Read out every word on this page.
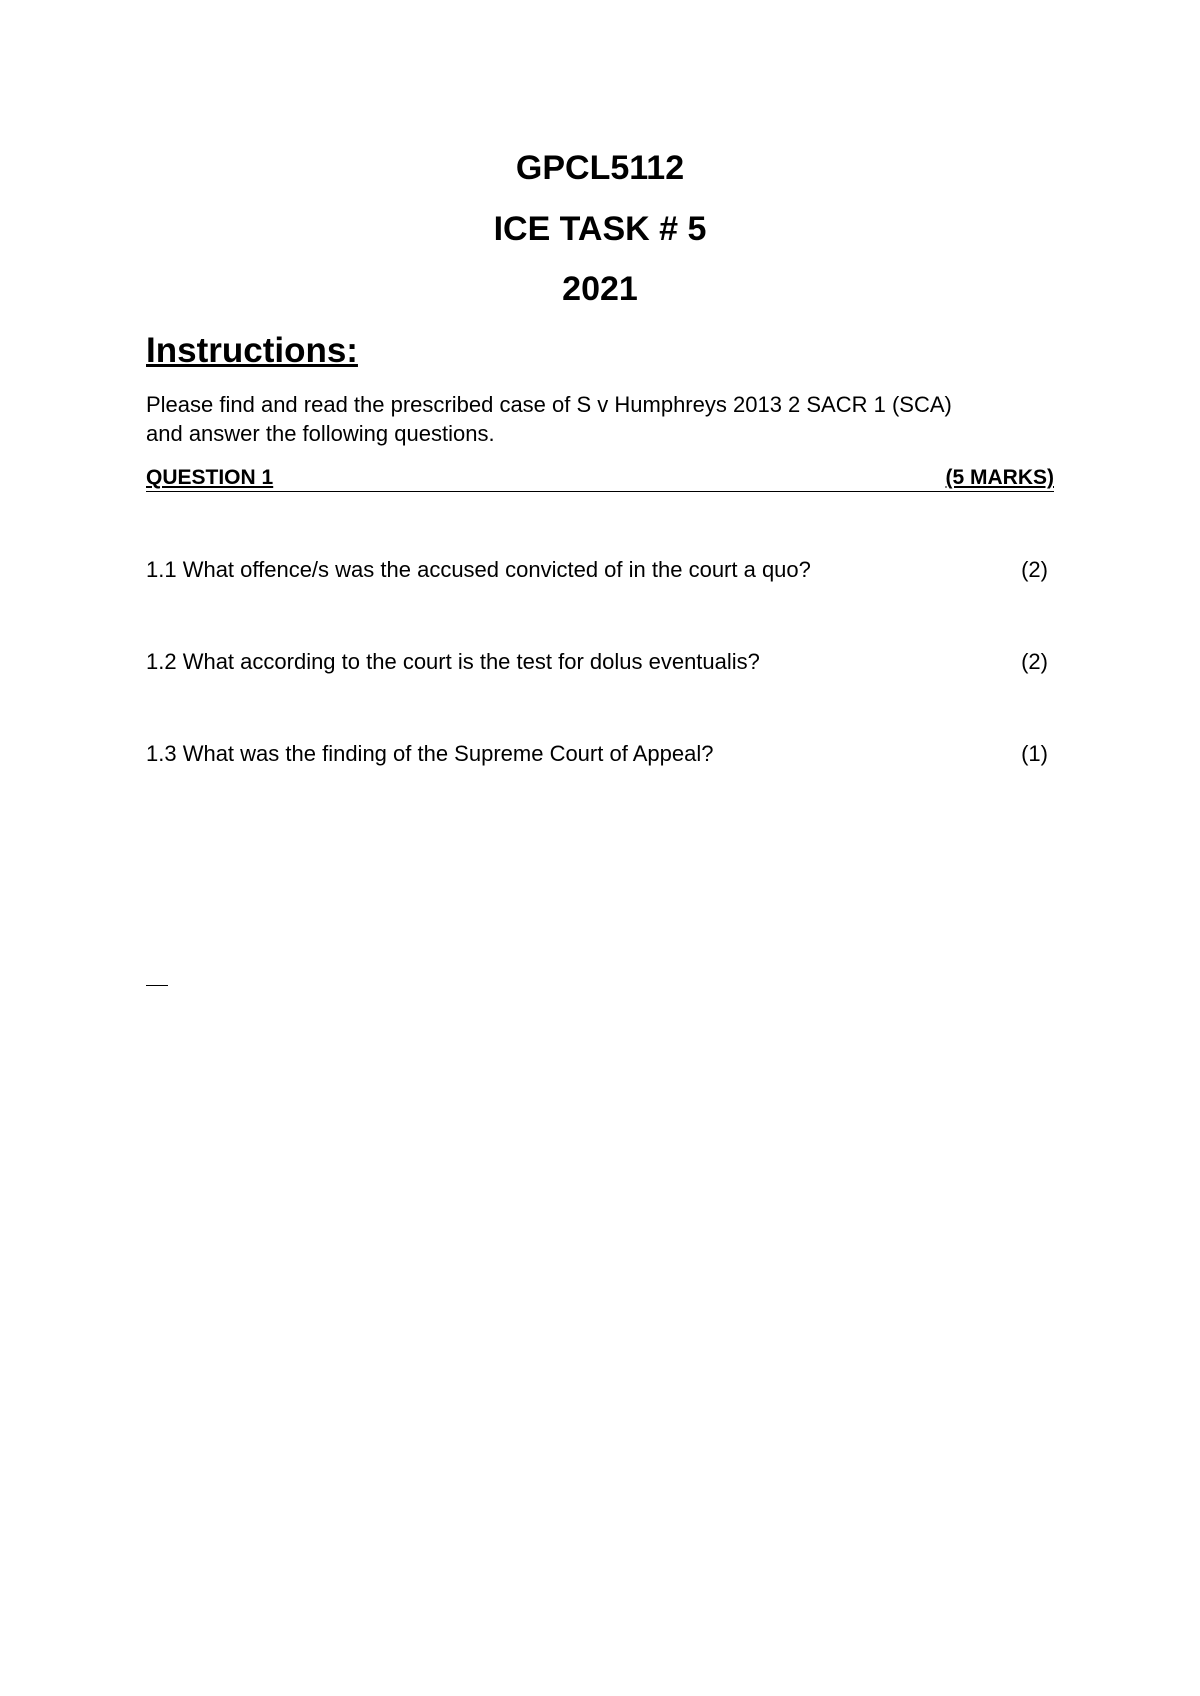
GPCL5112
ICE TASK # 5
2021
Instructions:
Please find and read the prescribed case of S v Humphreys 2013 2 SACR 1 (SCA)
and answer the following questions.
QUESTION 1	(5 MARKS)
1.1 What offence/s was the accused convicted of in the court a quo?	(2)
1.2 What according to the court is the test for dolus eventualis?	(2)
1.3 What was the finding of the Supreme Court of Appeal?	(1)
